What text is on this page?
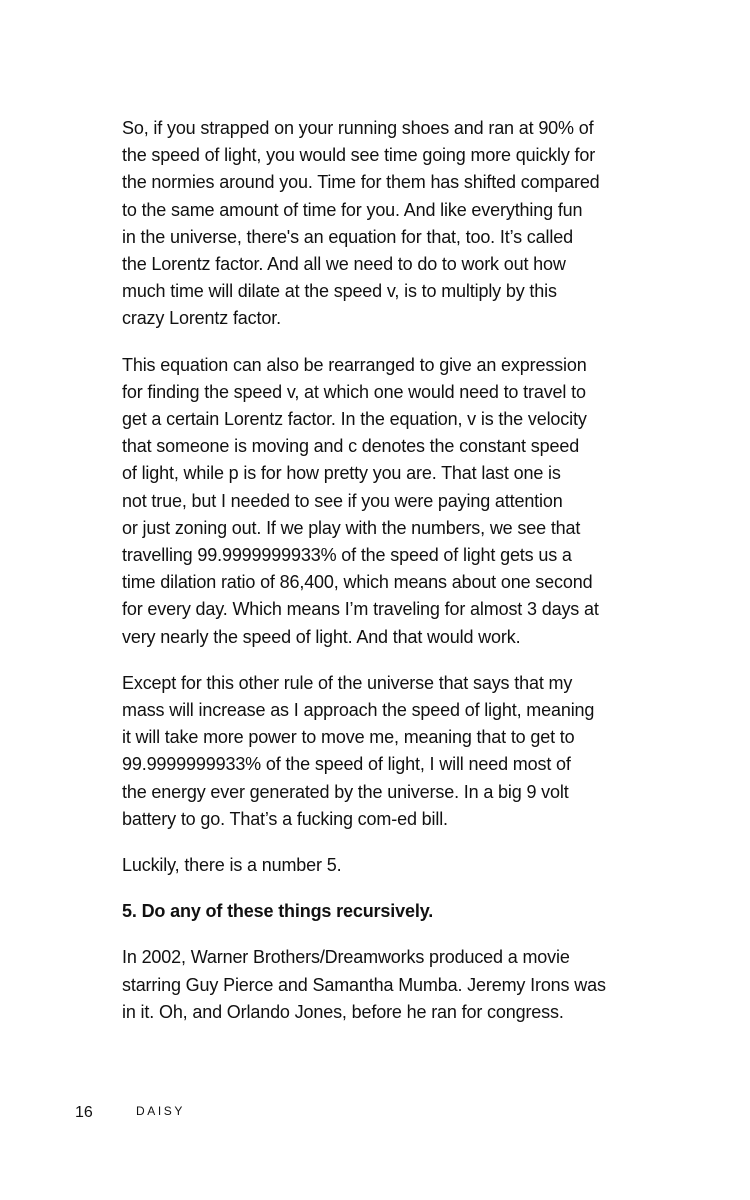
So, if you strapped on your running shoes and ran at 90% of
the speed of light, you would see time going more quickly for
the normies around you. Time for them has shifted compared
to the same amount of time for you. And like everything fun
in the universe, there's an equation for that, too. It’s called
the Lorentz factor. And all we need to do to work out how
much time will dilate at the speed v, is to multiply by this
crazy Lorentz factor.

This equation can also be rearranged to give an expression
for finding the speed v, at which one would need to travel to
get a certain Lorentz factor. In the equation, v is the velocity
that someone is moving and c denotes the constant speed
of light, while p is for how pretty you are. That last one is
not true, but I needed to see if you were paying attention
or just zoning out. If we play with the numbers, we see that
travelling 99.9999999933% of the speed of light gets us a
time dilation ratio of 86,400, which means about one second
for every day. Which means I’m traveling for almost 3 days at
very nearly the speed of light. And that would work.

Except for this other rule of the universe that says that my
mass will increase as I approach the speed of light, meaning
it will take more power to move me, meaning that to get to
99.9999999933% of the speed of light, I will need most of
the energy ever generated by the universe. In a big 9 volt
battery to go. That’s a fucking com-ed bill.

Luckily, there is a number 5.

5. Do any of these things recursively.

In 2002, Warner Brothers/Dreamworks produced a movie
starring Guy Pierce and Samantha Mumba. Jeremy Irons was
in it. Oh, and Orlando Jones, before he ran for congress.

16	DAISY
